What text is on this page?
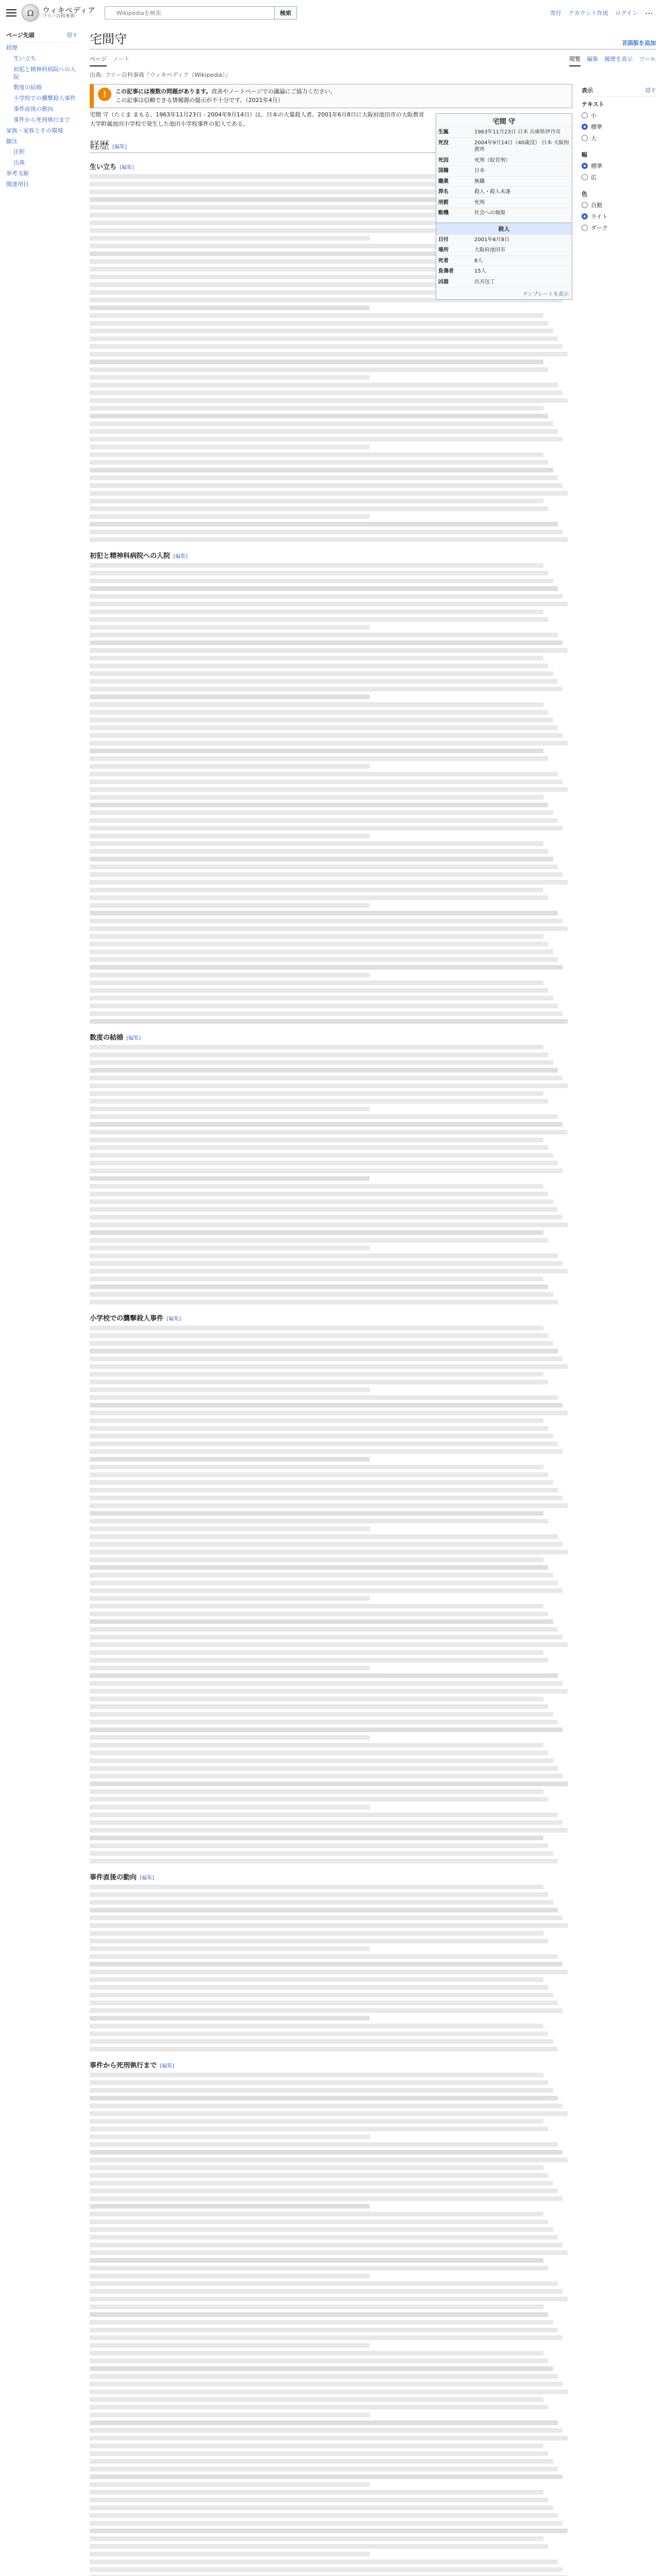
Ω	ウィキペディア
フリー百科事典
Wikipediaを検索
検索	寄付 アカウント作成 ログイン ⋯
ページ先頭	隠す
経歴
生い立ち
初犯と精神科病院への入院
数度の結婚
小学校での襲撃殺人事件
事件直後の動向
事件から死刑執行まで
家族・家族とその環境
脚注
注釈
出典
参考文献
関連項目
宅間守	言語版を追加
ページ ノート	閲覧 編集 履歴を表示 ツール
出典: フリー百科事典『ウィキペディア（Wikipedia）』
!	この記事には複数の問題があります。改善やノートページでの議論にご協力ください。
この記事は信頼できる情報源の提示が不十分です。（2021年4月）
宅間 守
生誕	1963年11月23日 日本 兵庫県伊丹市
死没	2004年9月14日（40歳没） 日本 大阪拘置所
死因	死刑（絞首刑）
国籍	日本
職業	無職
罪名	殺人・殺人未遂
刑罰	死刑
動機	社会への報復
殺人
日付	2001年6月8日
場所	大阪府池田市
死者	8人
負傷者	15人
凶器	出刃包丁
テンプレートを表示

宅間 守（たくま まもる、1963年11月23日 - 2004年9月14日）は、日本の大量殺人者。2001年6月8日に大阪府池田市の大阪教育大学附属池田小学校で発生した池田小学校事件の犯人である。

経歴 [編集]
生い立ち [編集]
初犯と精神科病院への入院 [編集]
数度の結婚 [編集]
小学校での襲撃殺人事件 [編集]
事件直後の動向 [編集]
事件から死刑執行まで [編集]
表示	隠す
テキスト
小
標準
大
幅
標準
広
色
自動
ライト
ダーク
